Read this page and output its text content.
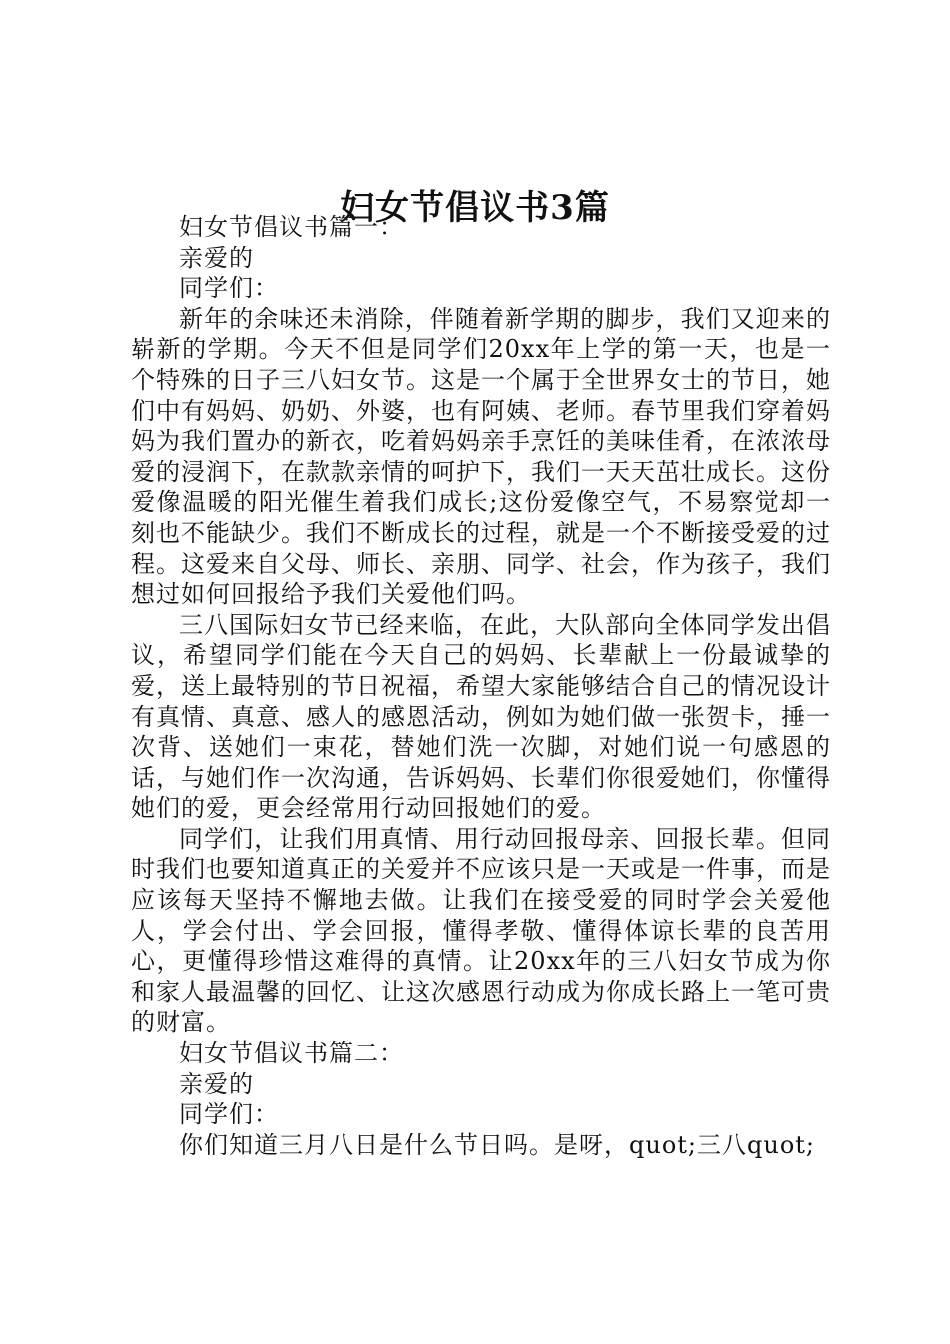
妇女节倡议书3篇

妇女节倡议书篇一：

亲爱的

同学们：

新年的余味还未消除，伴随着新学期的脚步，我们又迎来的崭新的学期。今天不但是同学们20xx年上学的第一天，也是一个特殊的日子三八妇女节。这是一个属于全世界女士的节日，她们中有妈妈、奶奶、外婆，也有阿姨、老师。春节里我们穿着妈妈为我们置办的新衣，吃着妈妈亲手烹饪的美味佳肴，在浓浓母爱的浸润下，在款款亲情的呵护下，我们一天天茁壮成长。这份爱像温暖的阳光催生着我们成长;这份爱像空气，不易察觉却一刻也不能缺少。我们不断成长的过程，就是一个不断接受爱的过程。这爱来自父母、师长、亲朋、同学、社会，作为孩子，我们想过如何回报给予我们关爱他们吗。

三八国际妇女节已经来临，在此，大队部向全体同学发出倡议，希望同学们能在今天自己的妈妈、长辈献上一份最诚挚的爱，送上最特别的节日祝福，希望大家能够结合自己的情况设计有真情、真意、感人的感恩活动，例如为她们做一张贺卡，捶一次背、送她们一束花，替她们洗一次脚，对她们说一句感恩的话，与她们作一次沟通，告诉妈妈、长辈们你很爱她们，你懂得她们的爱，更会经常用行动回报她们的爱。

同学们，让我们用真情、用行动回报母亲、回报长辈。但同时我们也要知道真正的关爱并不应该只是一天或是一件事，而是应该每天坚持不懈地去做。让我们在接受爱的同时学会关爱他人，学会付出、学会回报，懂得孝敬、懂得体谅长辈的良苦用心，更懂得珍惜这难得的真情。让20xx年的三八妇女节成为你和家人最温馨的回忆、让这次感恩行动成为你成长路上一笔可贵的财富。

妇女节倡议书篇二：

亲爱的

同学们：

你们知道三月八日是什么节日吗。是呀，quot;三八quot;
